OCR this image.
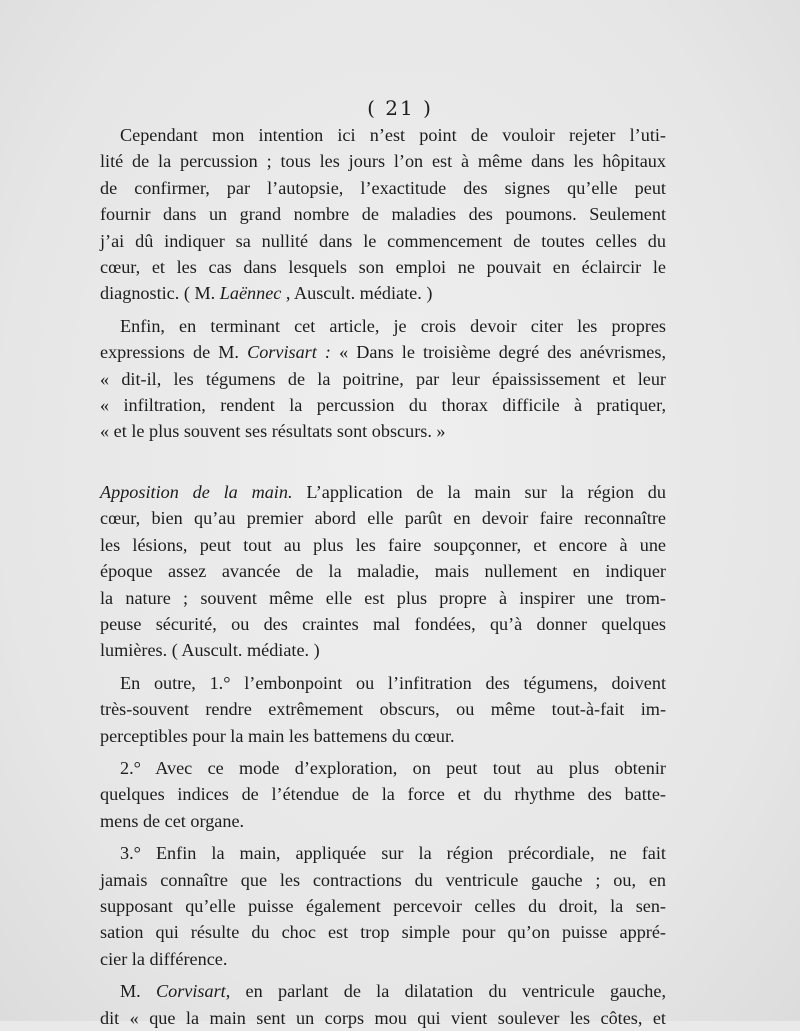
( 21 )

Cependant mon intention ici n’est point de vouloir rejeter l’uti-

lité de la percussion ; tous les jours l’on est à même dans les hôpitaux

de confirmer, par l’autopsie, l’exactitude des signes qu’elle peut

fournir dans un grand nombre de maladies des poumons. Seulement

j’ai dû indiquer sa nullité dans le commencement de toutes celles du

cœur, et les cas dans lesquels son emploi ne pouvait en éclaircir le

diagnostic. ( M. Laënnec , Auscult. médiate. )

Enfin, en terminant cet article, je crois devoir citer les propres

expressions de M. Corvisart : « Dans le troisième degré des anévrismes,

« dit-il, les tégumens de la poitrine, par leur épaississement et leur

« infiltration, rendent la percussion du thorax difficile à pratiquer,

« et le plus souvent ses résultats sont obscurs. »

Apposition de la main. L’application de la main sur la région du

cœur, bien qu’au premier abord elle parût en devoir faire reconnaître

les lésions, peut tout au plus les faire soupçonner, et encore à une

époque assez avancée de la maladie, mais nullement en indiquer

la nature ; souvent même elle est plus propre à inspirer une trom-

peuse sécurité, ou des craintes mal fondées, qu’à donner quelques

lumières. ( Auscult. médiate. )

En outre, 1.° l’embonpoint ou l’infitration des tégumens, doivent

très-souvent rendre extrêmement obscurs, ou même tout-à-fait im-

perceptibles pour la main les battemens du cœur.

2.° Avec ce mode d’exploration, on peut tout au plus obtenir

quelques indices de l’étendue de la force et du rhythme des batte-

mens de cet organe.

3.° Enfin la main, appliquée sur la région précordiale, ne fait

jamais connaître que les contractions du ventricule gauche ; ou, en

supposant qu’elle puisse également percevoir celles du droit, la sen-

sation qui résulte du choc est trop simple pour qu’on puisse appré-

cier la différence.

M. Corvisart, en parlant de la dilatation du ventricule gauche,

dit « que la main sent un corps mou qui vient soulever les côtes, et
